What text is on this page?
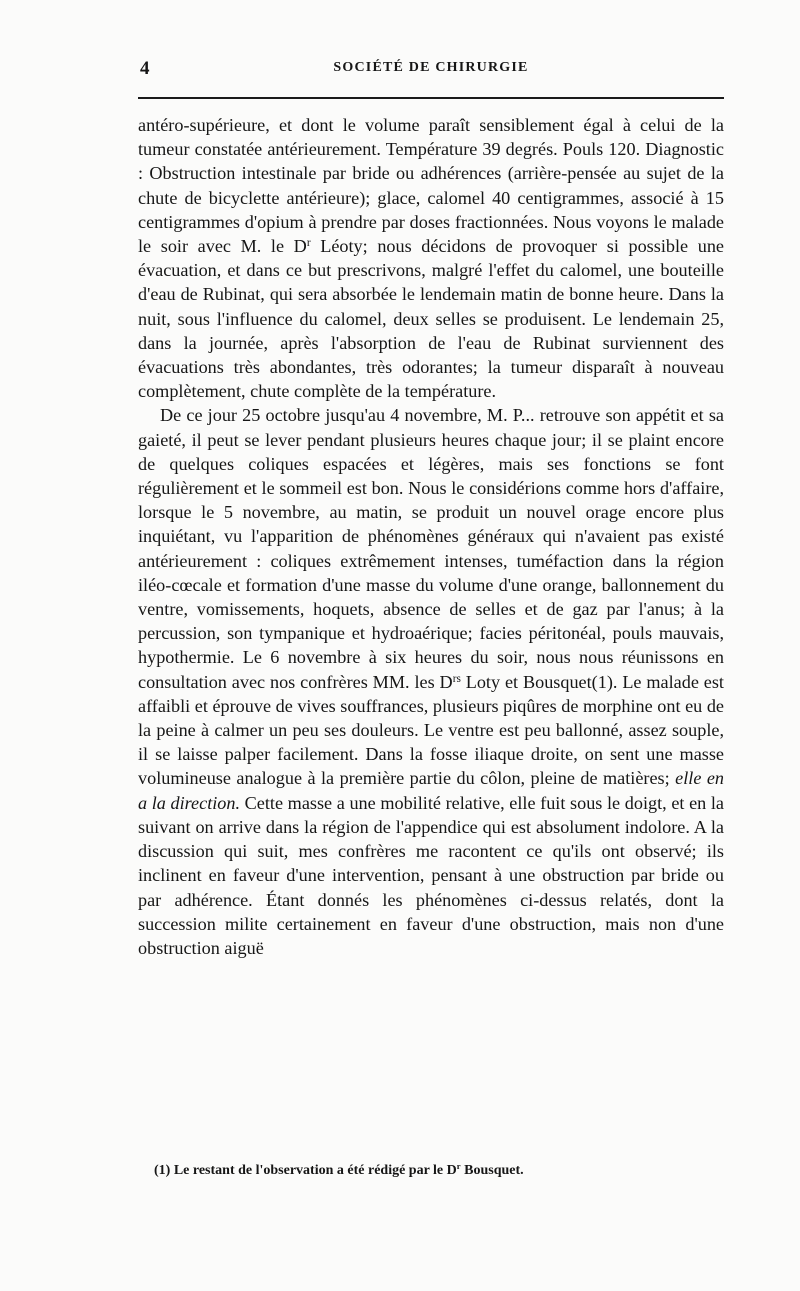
4	SOCIÉTÉ DE CHIRURGIE

antéro-supérieure, et dont le volume paraît sensiblement égal à celui de la tumeur constatée antérieurement. Température 39 degrés. Pouls 120. Diagnostic : Obstruction intestinale par bride ou adhérences (arrière-pensée au sujet de la chute de bicyclette antérieure); glace, calomel 40 centigrammes, associé à 15 centigrammes d'opium à prendre par doses fractionnées. Nous voyons le malade le soir avec M. le $D^r$ Léoty; nous décidons de provoquer si possible une évacuation, et dans ce but prescrivons, malgré l'effet du calomel, une bouteille d'eau de Rubinat, qui sera absorbée le lendemain matin de bonne heure. Dans la nuit, sous l'influence du calomel, deux selles se produisent. Le lendemain 25, dans la journée, après l'absorption de l'eau de Rubinat surviennent des évacuations très abondantes, très odorantes; la tumeur disparaît à nouveau complètement, chute complète de la température.

De ce jour 25 octobre jusqu'au 4 novembre, M. P... retrouve son appétit et sa gaieté, il peut se lever pendant plusieurs heures chaque jour; il se plaint encore de quelques coliques espacées et légères, mais ses fonctions se font régulièrement et le sommeil est bon. Nous le considérions comme hors d'affaire, lorsque le 5 novembre, au matin, se produit un nouvel orage encore plus inquiétant, vu l'apparition de phénomènes généraux qui n'avaient pas existé antérieurement : coliques extrêmement intenses, tuméfaction dans la région iléo-cœcale et formation d'une masse du volume d'une orange, ballonnement du ventre, vomissements, hoquets, absence de selles et de gaz par l'anus; à la percussion, son tympanique et hydroaérique; facies péritonéal, pouls mauvais, hypothermie. Le 6 novembre à six heures du soir, nous nous réunissons en consultation avec nos confrères MM. les $D^{rs}$ Loty et Bousquet(1). Le malade est affaibli et éprouve de vives souffrances, plusieurs piqûres de morphine ont eu de la peine à calmer un peu ses douleurs. Le ventre est peu ballonné, assez souple, il se laisse palper facilement. Dans la fosse iliaque droite, on sent une masse volumineuse analogue à la première partie du côlon, pleine de matières; elle en a la direction. Cette masse a une mobilité relative, elle fuit sous le doigt, et en la suivant on arrive dans la région de l'appendice qui est absolument indolore. A la discussion qui suit, mes confrères me racontent ce qu'ils ont observé; ils inclinent en faveur d'une intervention, pensant à une obstruction par bride ou par adhérence. Étant donnés les phénomènes ci-dessus relatés, dont la succession milite certainement en faveur d'une obstruction, mais non d'une obstruction aiguë

(1) Le restant de l'observation a été rédigé par le $D^r$ Bousquet.
